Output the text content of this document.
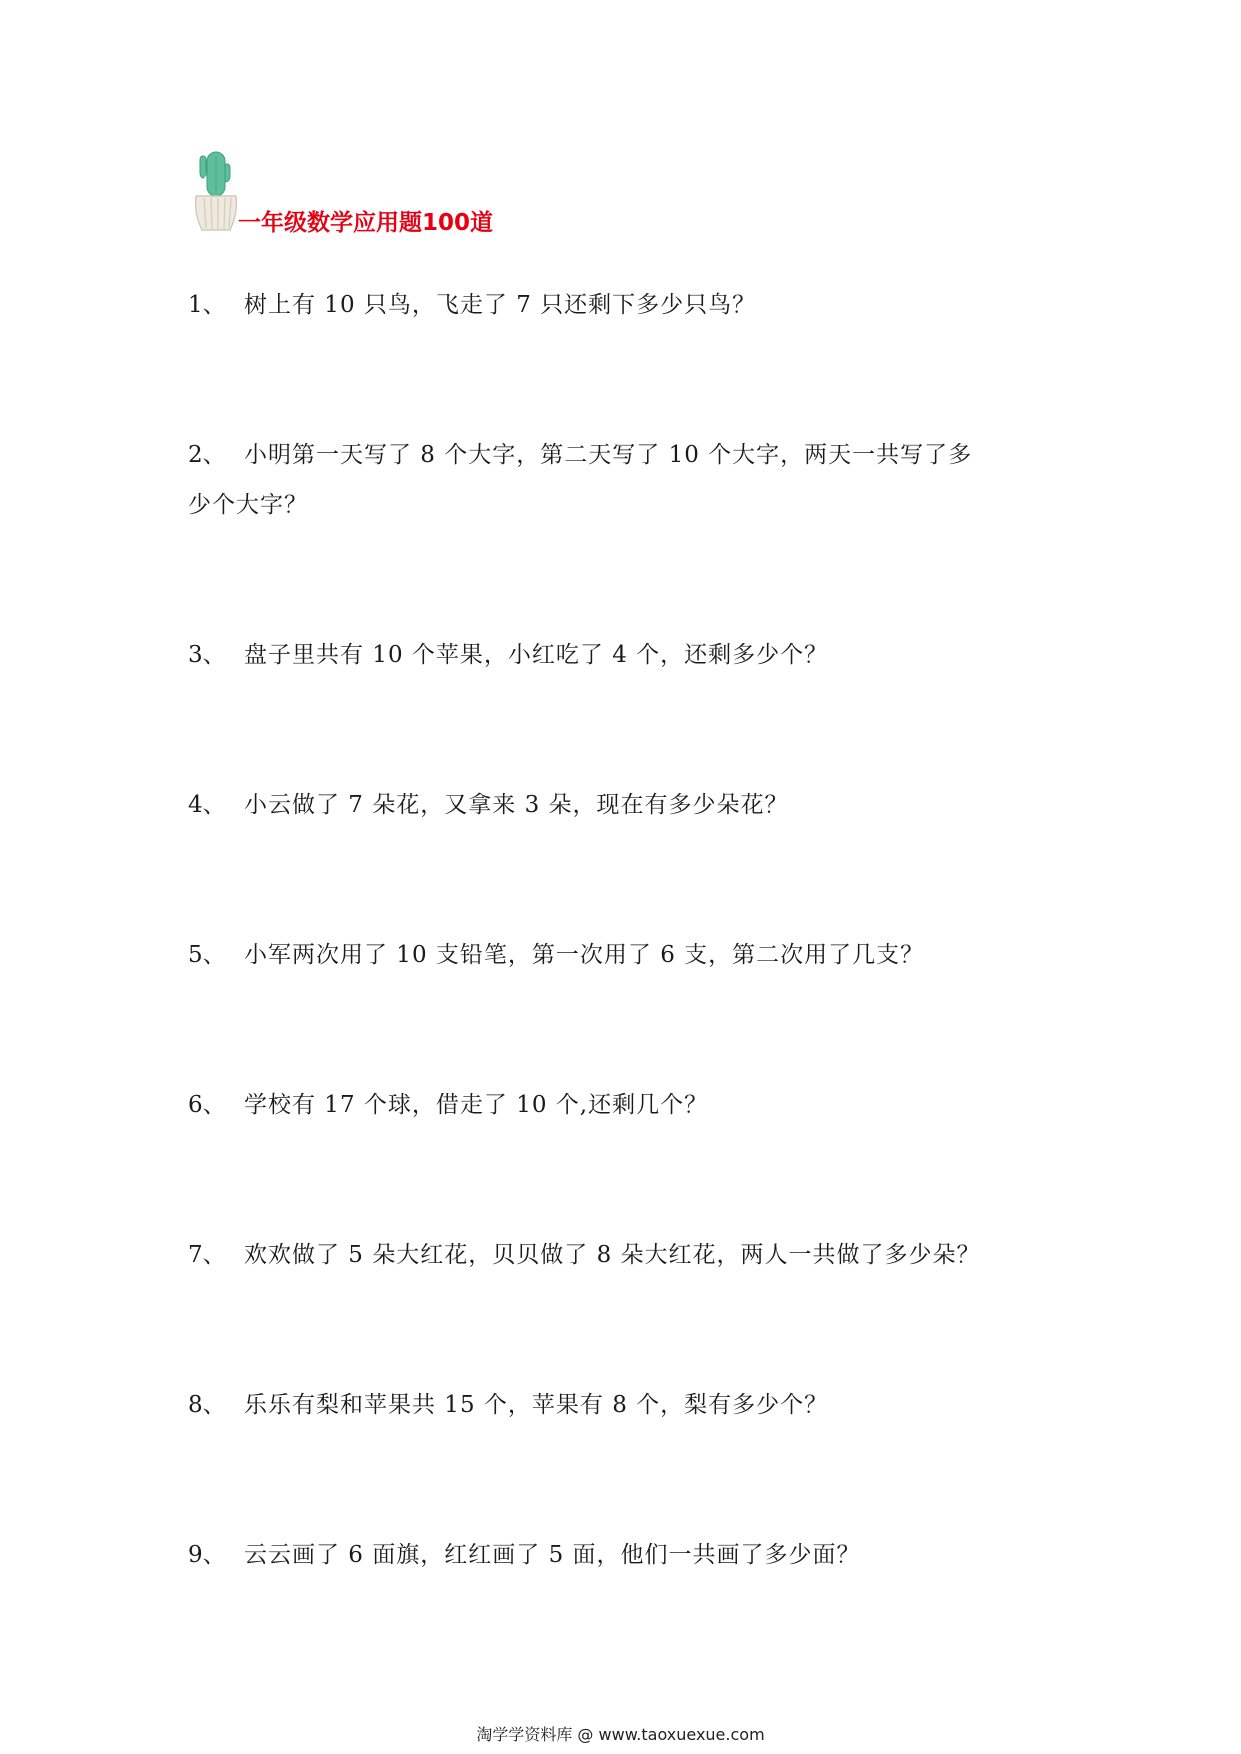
一年级数学应用题100道
1、 树上有 10 只鸟，飞走了 7 只还剩下多少只鸟？
2、 小明第一天写了 8 个大字，第二天写了 10 个大字，两天一共写了多
少个大字？
3、 盘子里共有 10 个苹果，小红吃了 4 个，还剩多少个？
4、 小云做了 7 朵花，又拿来 3 朵，现在有多少朵花？
5、 小军两次用了 10 支铅笔，第一次用了 6 支，第二次用了几支？
6、 学校有 17 个球，借走了 10 个,还剩几个？
7、 欢欢做了 5 朵大红花，贝贝做了 8 朵大红花，两人一共做了多少朵？
8、 乐乐有梨和苹果共 15 个，苹果有 8 个，梨有多少个？
9、 云云画了 6 面旗，红红画了 5 面，他们一共画了多少面？
淘学学资料库 @ www.taoxuexue.com
